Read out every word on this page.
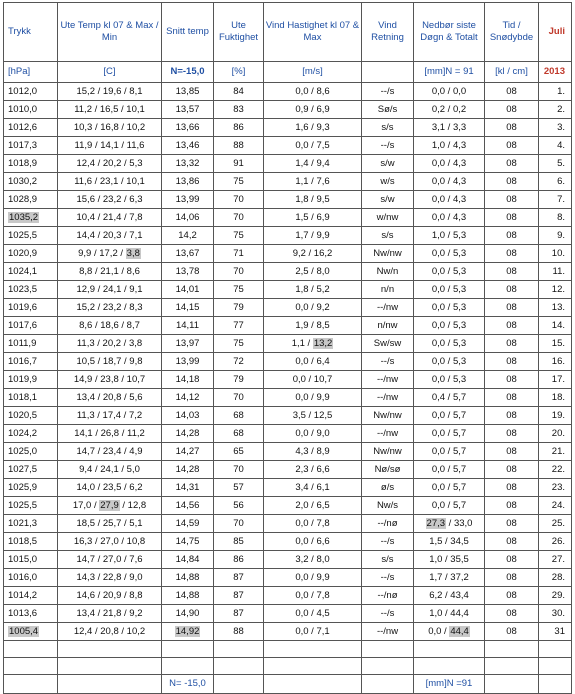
Trykk	Ute Temp kl 07 & Max / Min	Snitt temp	Ute Fuktighet	Vind Hastighet kl 07 & Max	Vind Retning	Nedbør siste Døgn & Totalt	Tid / Snødybde	Juli
[hPa]	[C]	N=-15,0	[%]	[m/s]		[mm]N = 91	[kl / cm]	2013
1012,0	15,2 / 19,6 / 8,1	13,85	84	0,0 / 8,6	--/s	0,0 / 0,0	08	1.
1010,0	11,2 / 16,5 / 10,1	13,57	83	0,9 / 6,9	Sø/s	0,2 / 0,2	08	2.
1012,6	10,3 / 16,8 / 10,2	13,66	86	1,6 / 9,3	s/s	3,1 / 3,3	08	3.
1017,3	11,9 / 14,1 / 11,6	13,46	88	0,0 / 7,5	--/s	1,0 / 4,3	08	4.
1018,9	12,4 / 20,2 / 5,3	13,32	91	1,4 / 9,4	s/w	0,0 / 4,3	08	5.
1030,2	11,6 / 23,1 / 10,1	13,86	75	1,1 / 7,6	w/s	0,0 / 4,3	08	6.
1028,9	15,6 / 23,2 / 6,3	13,99	70	1,8 / 9,5	s/w	0,0 / 4,3	08	7.
1035,2	10,4 / 21,4 / 7,8	14,06	70	1,5 / 6,9	w/nw	0,0 / 4,3	08	8.
1025,5	14,4 / 20,3 / 7,1	14,2	75	1,7 / 9,9	s/s	1,0 / 5,3	08	9.
1020,9	9,9 / 17,2 / 3,8	13,67	71	9,2 / 16,2	Nw/nw	0,0 / 5,3	08	10.
1024,1	8,8 / 21,1 / 8,6	13,78	70	2,5 / 8,0	Nw/n	0,0 / 5,3	08	11.
1023,5	12,9 / 24,1 / 9,1	14,01	75	1,8 / 5,2	n/n	0,0 / 5,3	08	12.
1019,6	15,2 / 23,2 / 8,3	14,15	79	0,0 / 9,2	--/nw	0,0 / 5,3	08	13.
1017,6	8,6 / 18,6 / 8,7	14,11	77	1,9 / 8,5	n/nw	0,0 / 5,3	08	14.
1011,9	11,3 / 20,2 / 3,8	13,97	75	1,1 / 13,2	Sw/sw	0,0 / 5,3	08	15.
1016,7	10,5 / 18,7 / 9,8	13,99	72	0,0 / 6,4	--/s	0,0 / 5,3	08	16.
1019,9	14,9 / 23,8 / 10,7	14,18	79	0,0 / 10,7	--/nw	0,0 / 5,3	08	17.
1018,1	13,4 / 20,8 / 5,6	14,12	70	0,0 / 9,9	--/nw	0,4 / 5,7	08	18.
1020,5	11,3 / 17,4 / 7,2	14,03	68	3,5 / 12,5	Nw/nw	0,0 / 5,7	08	19.
1024,2	14,1 / 26,8 / 11,2	14,28	68	0,0 / 9,0	--/nw	0,0 / 5,7	08	20.
1025,0	14,7 / 23,4 / 4,9	14,27	65	4,3 / 8,9	Nw/nw	0,0 / 5,7	08	21.
1027,5	9,4 / 24,1 / 5,0	14,28	70	2,3 / 6,6	Nø/sø	0,0 / 5,7	08	22.
1025,9	14,0 / 23,5 / 6,2	14,31	57	3,4 / 6,1	ø/s	0,0 / 5,7	08	23.
1025,5	17,0 / 27,9 / 12,8	14,56	56	2,0 / 6,5	Nw/s	0,0 / 5,7	08	24.
1021,3	18,5 / 25,7 / 5,1	14,59	70	0,0 / 7,8	--/nø	27,3 / 33,0	08	25.
1018,5	16,3 / 27,0 / 10,8	14,75	85	0,0 / 6,6	--/s	1,5 / 34,5	08	26.
1015,0	14,7 / 27,0 / 7,6	14,84	86	3,2 / 8,0	s/s	1,0 / 35,5	08	27.
1016,0	14,3 / 22,8 / 9,0	14,88	87	0,0 / 9,9	--/s	1,7 / 37,2	08	28.
1014,2	14,6 / 20,9 / 8,8	14,88	87	0,0 / 7,8	--/nø	6,2 / 43,4	08	29.
1013,6	13,4 / 21,8 / 9,2	14,90	87	0,0 / 4,5	--/s	1,0 / 44,4	08	30.
1005,4	12,4 / 20,8 / 10,2	14,92	88	0,0 / 7,1	--/nw	0,0 / 44,4	08	31

		N= -15,0				[mm]N =91		
